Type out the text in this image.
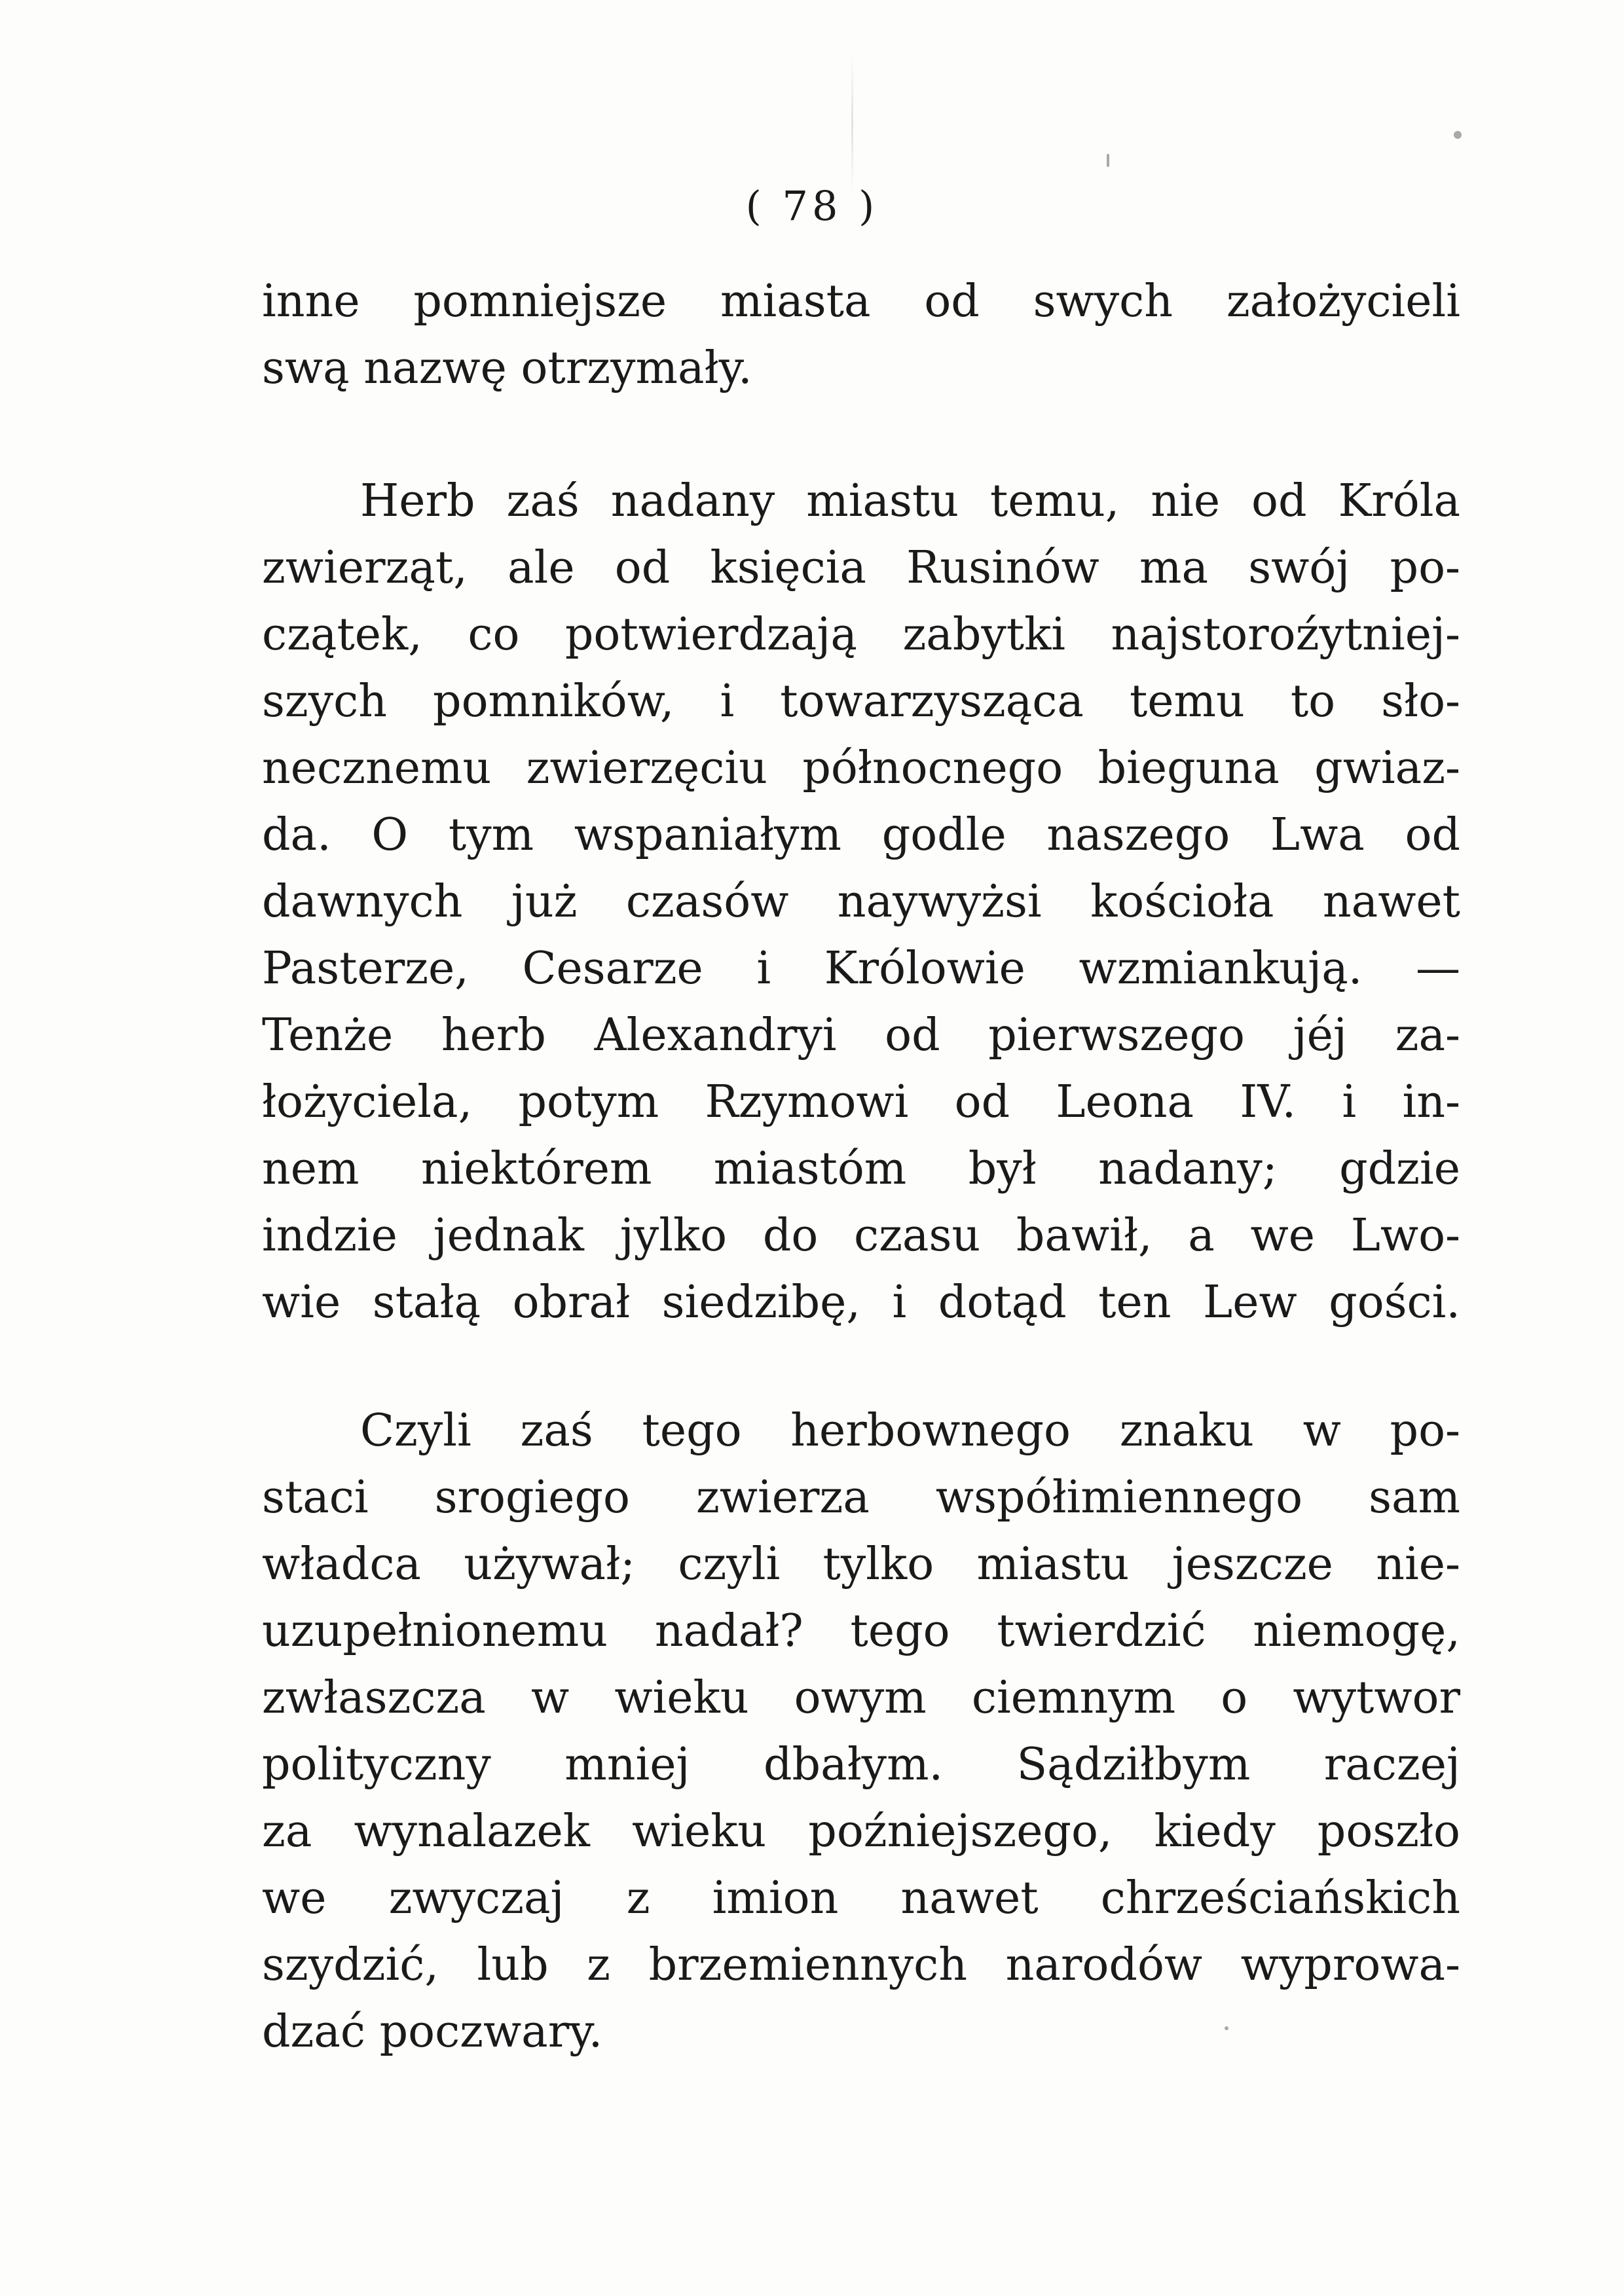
( 78 )
inne pomniejsze miasta od swych założycieli
swą nazwę otrzymały.
Herb zaś nadany miastu temu, nie od Króla
zwierząt, ale od księcia Rusinów ma swój po-
czątek, co potwierdzają zabytki najstoroźytniej-
szych pomników, i towarzysząca temu to sło-
necznemu zwierzęciu północnego bieguna gwiaz-
da. O tym wspaniałym godle naszego Lwa od
dawnych już czasów naywyżsi kościoła nawet
Pasterze, Cesarze i Królowie wzmiankują. —
Tenże herb Alexandryi od pierwszego jéj za-
łożyciela, potym Rzymowi od Leona IV. i in-
nem niektórem miastóm był nadany; gdzie
indzie jednak jylko do czasu bawił, a we Lwo-
wie stałą obrał siedzibę, i dotąd ten Lew gości.
Czyli zaś tego herbownego znaku w po-
staci srogiego zwierza współimiennego sam
władca używał; czyli tylko miastu jeszcze nie-
uzupełnionemu nadał? tego twierdzić niemogę,
zwłaszcza w wieku owym ciemnym o wytwor
polityczny mniej dbałym. Sądziłbym raczej
za wynalazek wieku poźniejszego, kiedy poszło
we zwyczaj z imion nawet chrześciańskich
szydzić, lub z brzemiennych narodów wyprowa-
dzać poczwary.
